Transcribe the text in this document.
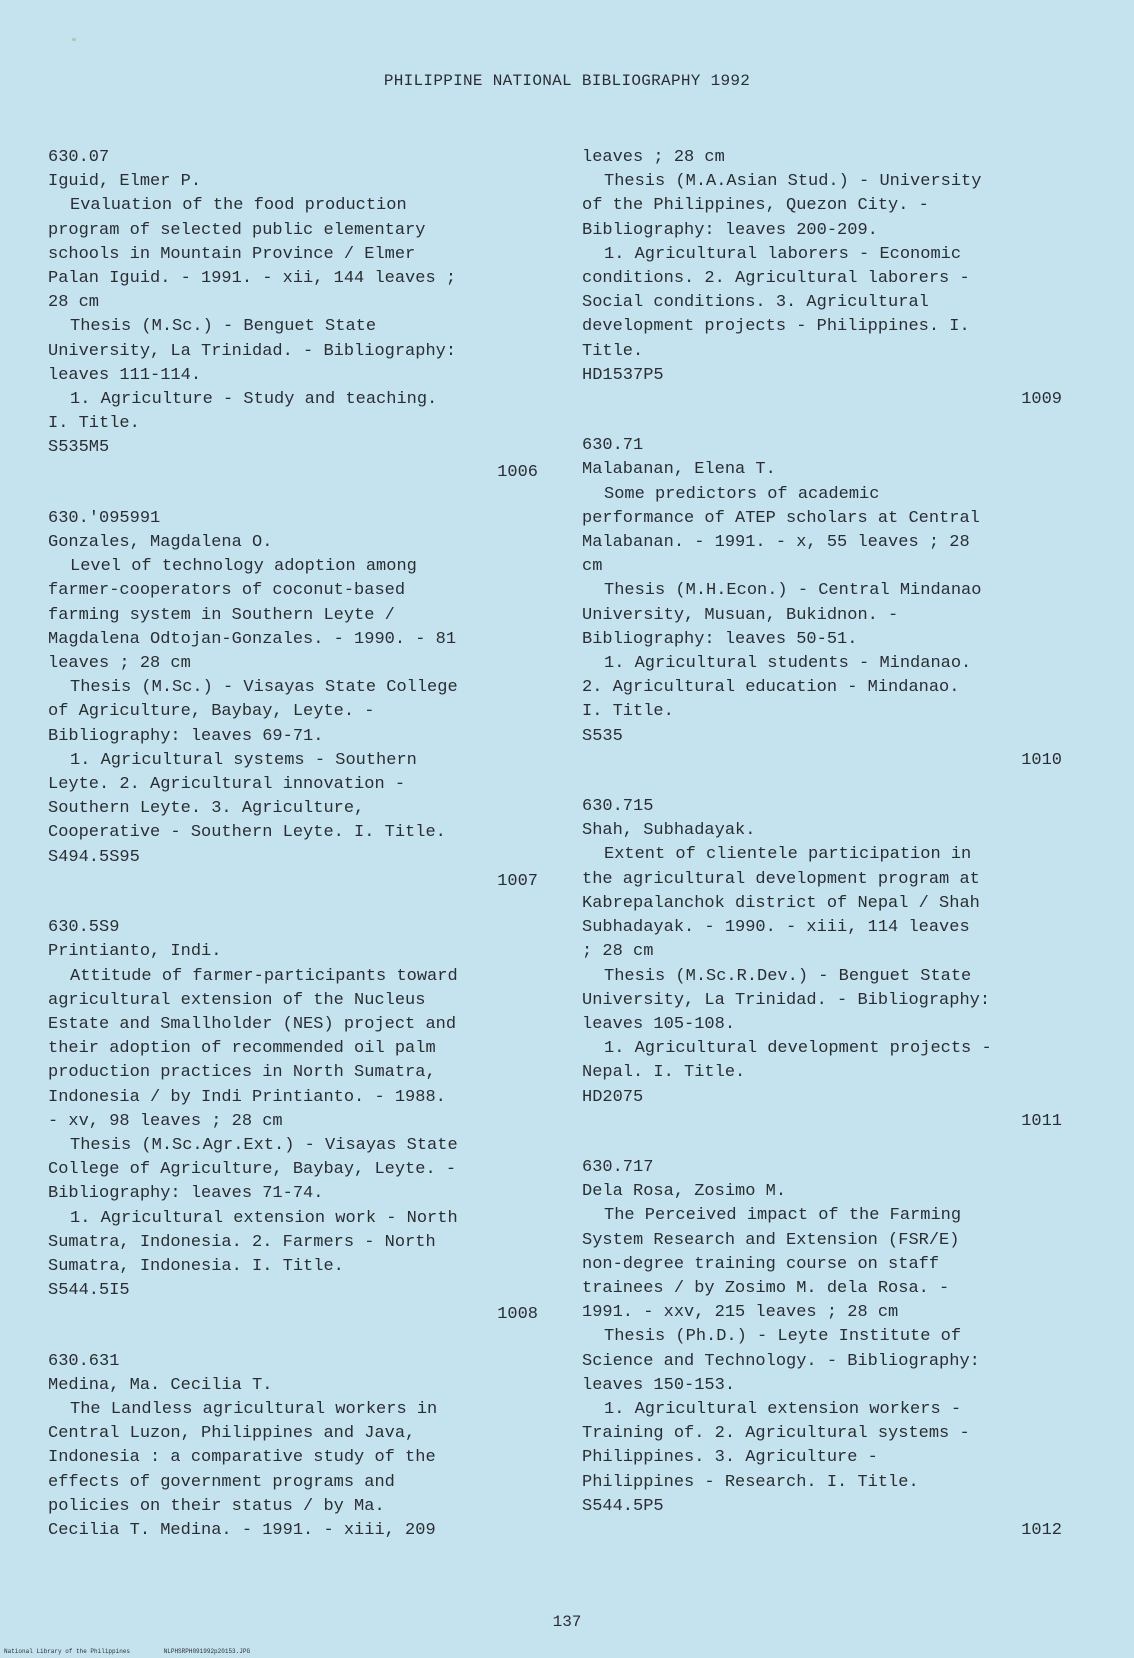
PHILIPPINE NATIONAL BIBLIOGRAPHY 1992

630.07

Iguid, Elmer P.

Evaluation of the food production

program of selected public elementary

schools in Mountain Province / Elmer

Palan Iguid. - 1991. - xii, 144 leaves ;

28 cm

Thesis (M.Sc.) - Benguet State

University, La Trinidad. - Bibliography:

leaves 111-114.

1. Agriculture - Study and teaching.

I. Title.

S535M5

1006

630.'095991

Gonzales, Magdalena O.

Level of technology adoption among

farmer-cooperators of coconut-based

farming system in Southern Leyte /

Magdalena Odtojan-Gonzales. - 1990. - 81

leaves ; 28 cm

Thesis (M.Sc.) - Visayas State College

of Agriculture, Baybay, Leyte. -

Bibliography: leaves 69-71.

1. Agricultural systems - Southern

Leyte. 2. Agricultural innovation -

Southern Leyte. 3. Agriculture,

Cooperative - Southern Leyte. I. Title.

S494.5S95

1007

630.5S9

Printianto, Indi.

Attitude of farmer-participants toward

agricultural extension of the Nucleus

Estate and Smallholder (NES) project and

their adoption of recommended oil palm

production practices in North Sumatra,

Indonesia / by Indi Printianto. - 1988.

- xv, 98 leaves ; 28 cm

Thesis (M.Sc.Agr.Ext.) - Visayas State

College of Agriculture, Baybay, Leyte. -

Bibliography: leaves 71-74.

1. Agricultural extension work - North

Sumatra, Indonesia. 2. Farmers - North

Sumatra, Indonesia. I. Title.

S544.5I5

1008

630.631

Medina, Ma. Cecilia T.

The Landless agricultural workers in

Central Luzon, Philippines and Java,

Indonesia : a comparative study of the

effects of government programs and

policies on their status / by Ma.

Cecilia T. Medina. - 1991. - xiii, 209

leaves ; 28 cm

Thesis (M.A.Asian Stud.) - University

of the Philippines, Quezon City. -

Bibliography: leaves 200-209.

1. Agricultural laborers - Economic

conditions. 2. Agricultural laborers -

Social conditions. 3. Agricultural

development projects - Philippines. I.

Title.

HD1537P5

1009

630.71

Malabanan, Elena T.

Some predictors of academic

performance of ATEP scholars at Central

Malabanan. - 1991. - x, 55 leaves ; 28

cm

Thesis (M.H.Econ.) - Central Mindanao

University, Musuan, Bukidnon. -

Bibliography: leaves 50-51.

1. Agricultural students - Mindanao.

2. Agricultural education - Mindanao.

I. Title.

S535

1010

630.715

Shah, Subhadayak.

Extent of clientele participation in

the agricultural development program at

Kabrepalanchok district of Nepal / Shah

Subhadayak. - 1990. - xiii, 114 leaves

; 28 cm

Thesis (M.Sc.R.Dev.) - Benguet State

University, La Trinidad. - Bibliography:

leaves 105-108.

1. Agricultural development projects -

Nepal. I. Title.

HD2075

1011

630.717

Dela Rosa, Zosimo M.

The Perceived impact of the Farming

System Research and Extension (FSR/E)

non-degree training course on staff

trainees / by Zosimo M. dela Rosa. -

1991. - xxv, 215 leaves ; 28 cm

Thesis (Ph.D.) - Leyte Institute of

Science and Technology. - Bibliography:

leaves 150-153.

1. Agricultural extension workers -

Training of. 2. Agricultural systems -

Philippines. 3. Agriculture -

Philippines - Research. I. Title.

S544.5P5

1012

137
National Library of the Philippines	NLPHSRPH091992p20153.JPG
